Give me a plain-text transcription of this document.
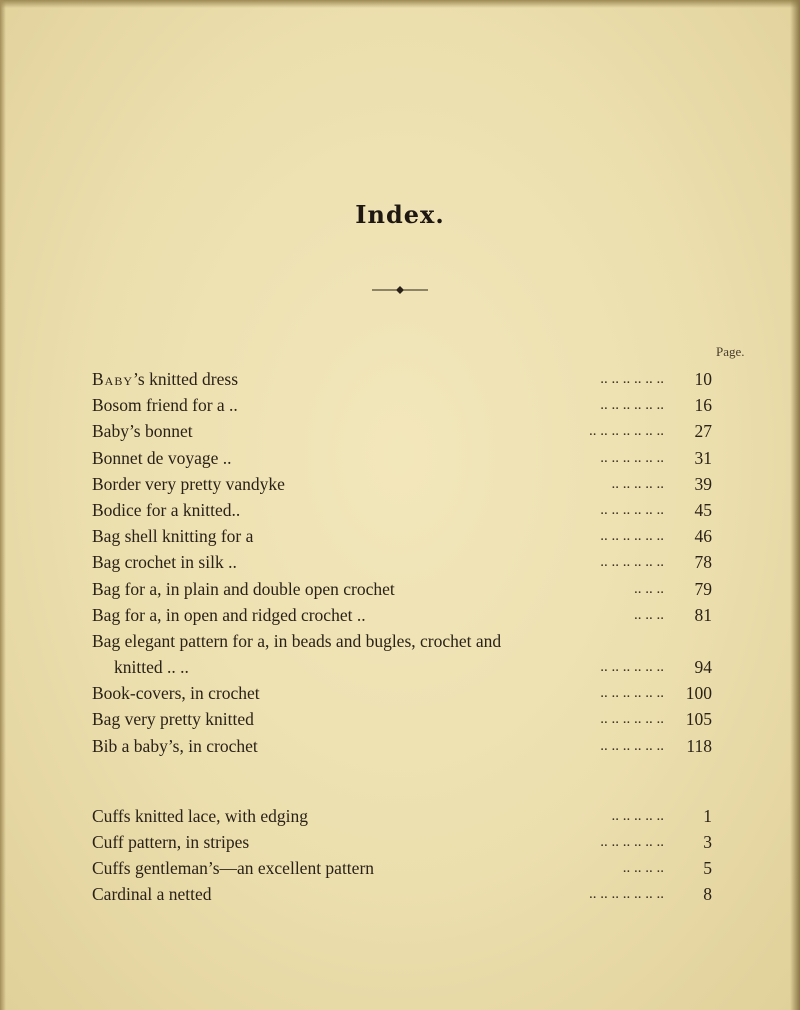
Index.
Page.
Baby’s knitted dress	.. .. .. .. .. ..	10
Bosom friend for a ..	.. .. .. .. .. ..	16
Baby’s bonnet	.. .. .. .. .. .. ..	27
Bonnet de voyage ..	.. .. .. .. .. ..	31
Border very pretty vandyke	.. .. .. .. ..	39
Bodice for a knitted..	.. .. .. .. .. ..	45
Bag shell knitting for a	.. .. .. .. .. ..	46
Bag crochet in silk ..	.. .. .. .. .. ..	78
Bag for a, in plain and double open crochet	.. .. ..	79
Bag for a, in open and ridged crochet ..	.. .. ..	81
Bag elegant pattern for a, in beads and bugles, crochet and
knitted .. ..	.. .. .. .. .. ..	94
Book-covers, in crochet	.. .. .. .. .. ..	100
Bag very pretty knitted	.. .. .. .. .. ..	105
Bib a baby’s, in crochet	.. .. .. .. .. ..	118
Cuffs knitted lace, with edging	.. .. .. .. ..	1
Cuff pattern, in stripes	.. .. .. .. .. ..	3
Cuffs gentleman’s—an excellent pattern	.. .. .. ..	5
Cardinal a netted	.. .. .. .. .. .. ..	8
